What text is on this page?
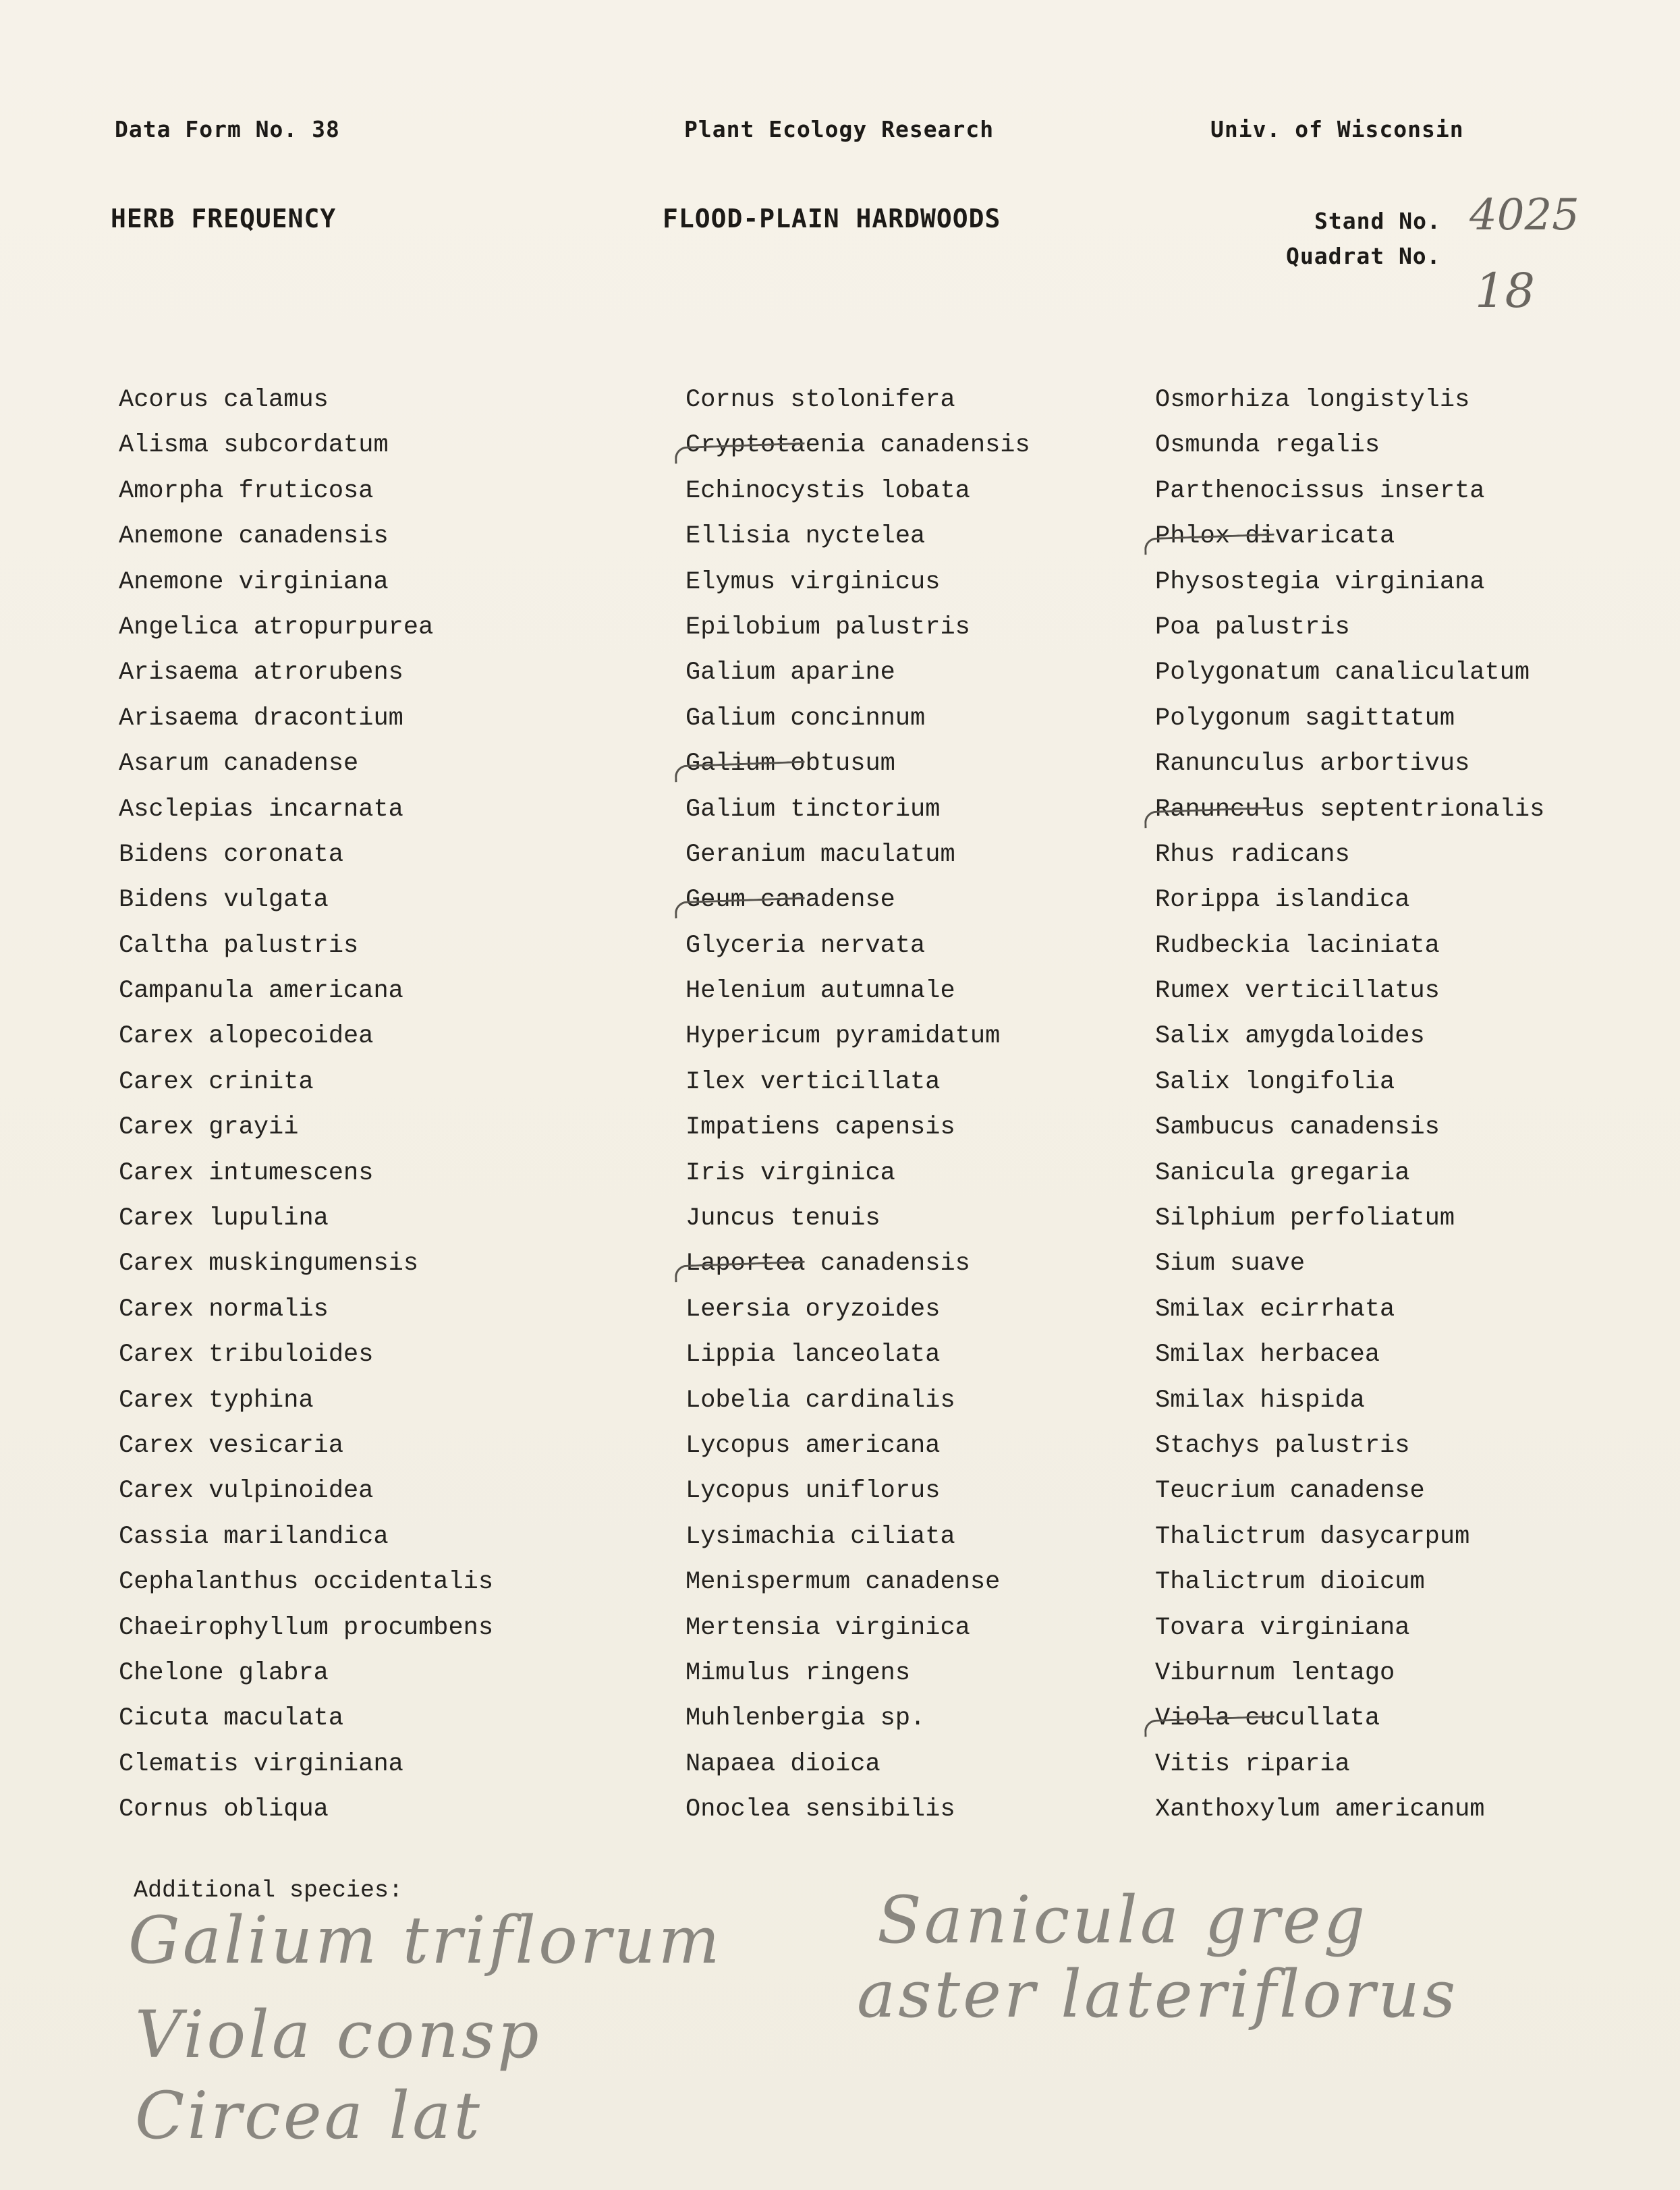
Data Form No. 38	Plant Ecology Research	Univ. of Wisconsin
HERB FREQUENCY	FLOOD-PLAIN HARDWOODS	Stand No. 4025
Quadrat No.
18
Acorus calamus
Alisma subcordatum
Amorpha fruticosa
Anemone canadensis
Anemone virginiana
Angelica atropurpurea
Arisaema atrorubens
Arisaema dracontium
Asarum canadense
Asclepias incarnata
Bidens coronata
Bidens vulgata
Caltha palustris
Campanula americana
Carex alopecoidea
Carex crinita
Carex grayii
Carex intumescens
Carex lupulina
Carex muskingumensis
Carex normalis
Carex tribuloides
Carex typhina
Carex vesicaria
Carex vulpinoidea
Cassia marilandica
Cephalanthus occidentalis
Chaeirophyllum procumbens
Chelone glabra
Cicuta maculata
Clematis virginiana
Cornus obliqua
Cornus stolonifera
Cryptotaenia canadensis
Echinocystis lobata
Ellisia nyctelea
Elymus virginicus
Epilobium palustris
Galium aparine
Galium concinnum
Galium obtusum
Galium tinctorium
Geranium maculatum
Geum canadense
Glyceria nervata
Helenium autumnale
Hypericum pyramidatum
Ilex verticillata
Impatiens capensis
Iris virginica
Juncus tenuis
Laportea canadensis
Leersia oryzoides
Lippia lanceolata
Lobelia cardinalis
Lycopus americana
Lycopus uniflorus
Lysimachia ciliata
Menispermum canadense
Mertensia virginica
Mimulus ringens
Muhlenbergia sp.
Napaea dioica
Onoclea sensibilis
Osmorhiza longistylis
Osmunda regalis
Parthenocissus inserta
Phlox divaricata
Physostegia virginiana
Poa palustris
Polygonatum canaliculatum
Polygonum sagittatum
Ranunculus arbortivus
Ranunculus septentrionalis
Rhus radicans
Rorippa islandica
Rudbeckia laciniata
Rumex verticillatus
Salix amygdaloides
Salix longifolia
Sambucus canadensis
Sanicula gregaria
Silphium perfoliatum
Sium suave
Smilax ecirrhata
Smilax herbacea
Smilax hispida
Stachys palustris
Teucrium canadense
Thalictrum dasycarpum
Thalictrum dioicum
Tovara virginiana
Viburnum lentago
Viola cucullata
Vitis riparia
Xanthoxylum americanum
Additional species:
Galium triflorum Sanicula greg
aster lateriflorus
Viola consp
Circea lat
